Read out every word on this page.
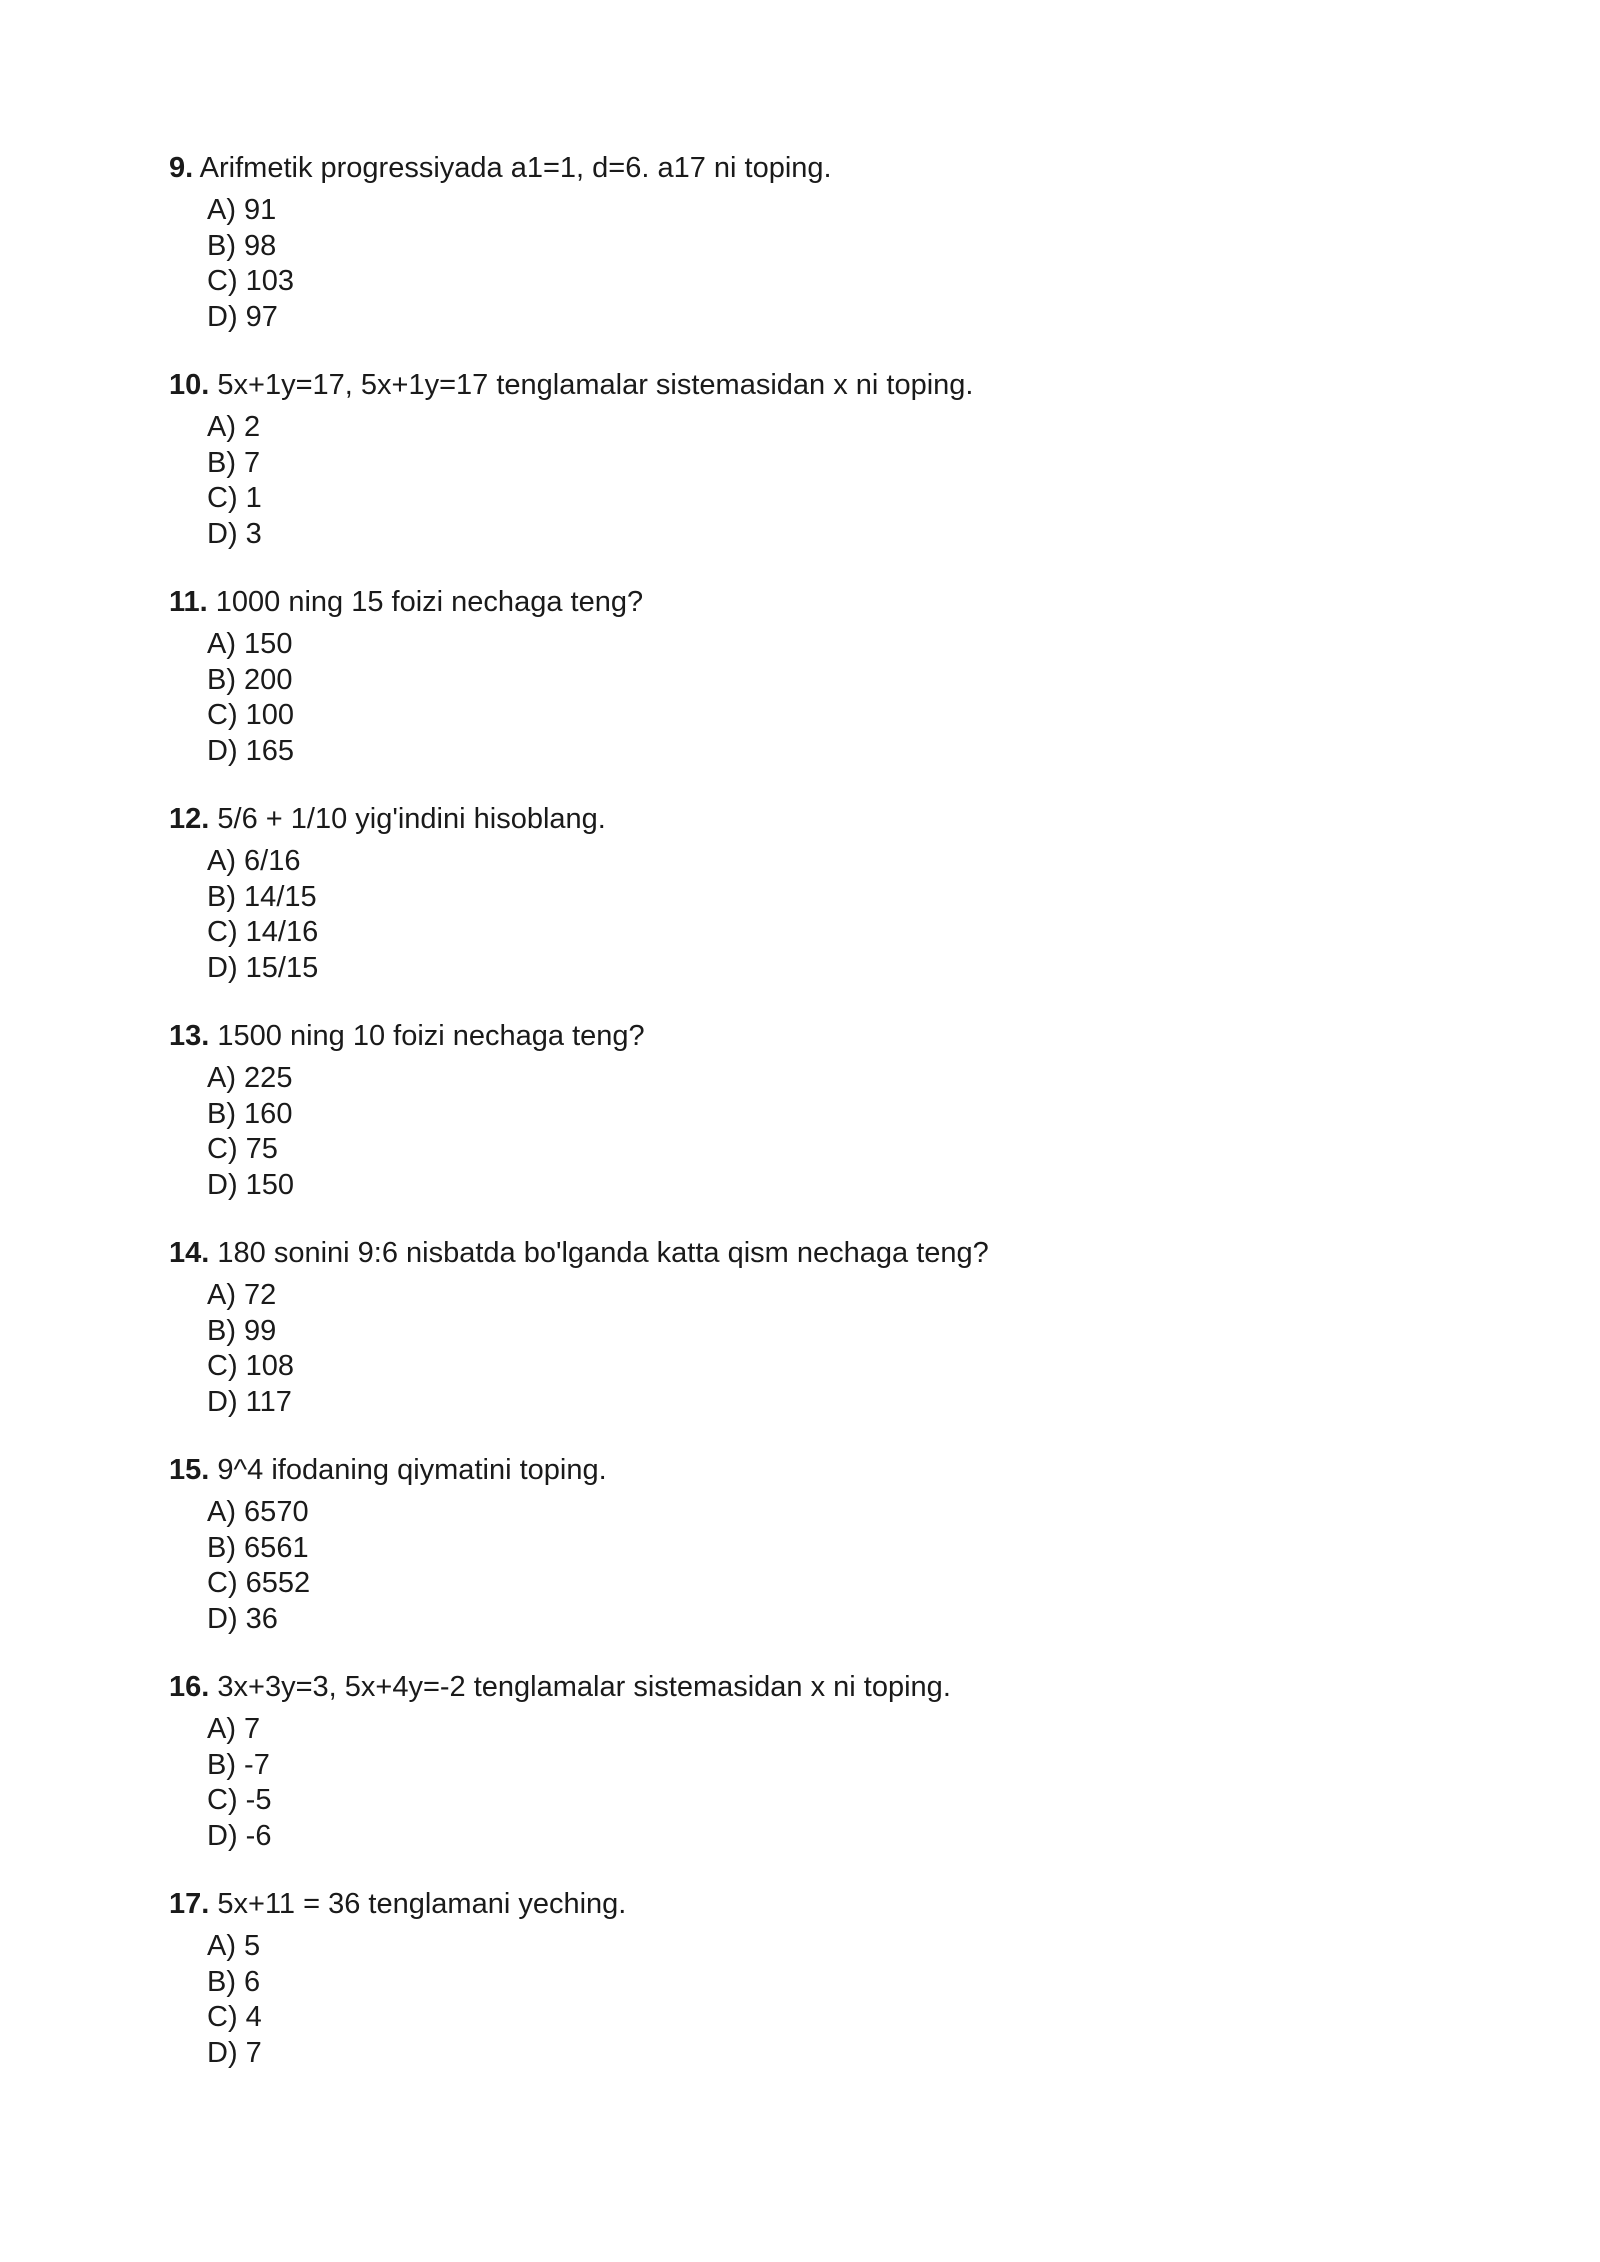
9. Arifmetik progressiyada a1=1, d=6. a17 ni toping.
A) 91
B) 98
C) 103
D) 97
10. 5x+1y=17, 5x+1y=17 tenglamalar sistemasidan x ni toping.
A) 2
B) 7
C) 1
D) 3
11. 1000 ning 15 foizi nechaga teng?
A) 150
B) 200
C) 100
D) 165
12. 5/6 + 1/10 yig'indini hisoblang.
A) 6/16
B) 14/15
C) 14/16
D) 15/15
13. 1500 ning 10 foizi nechaga teng?
A) 225
B) 160
C) 75
D) 150
14. 180 sonini 9:6 nisbatda bo'lganda katta qism nechaga teng?
A) 72
B) 99
C) 108
D) 117
15. 9^4 ifodaning qiymatini toping.
A) 6570
B) 6561
C) 6552
D) 36
16. 3x+3y=3, 5x+4y=-2 tenglamalar sistemasidan x ni toping.
A) 7
B) -7
C) -5
D) -6
17. 5x+11 = 36 tenglamani yeching.
A) 5
B) 6
C) 4
D) 7
